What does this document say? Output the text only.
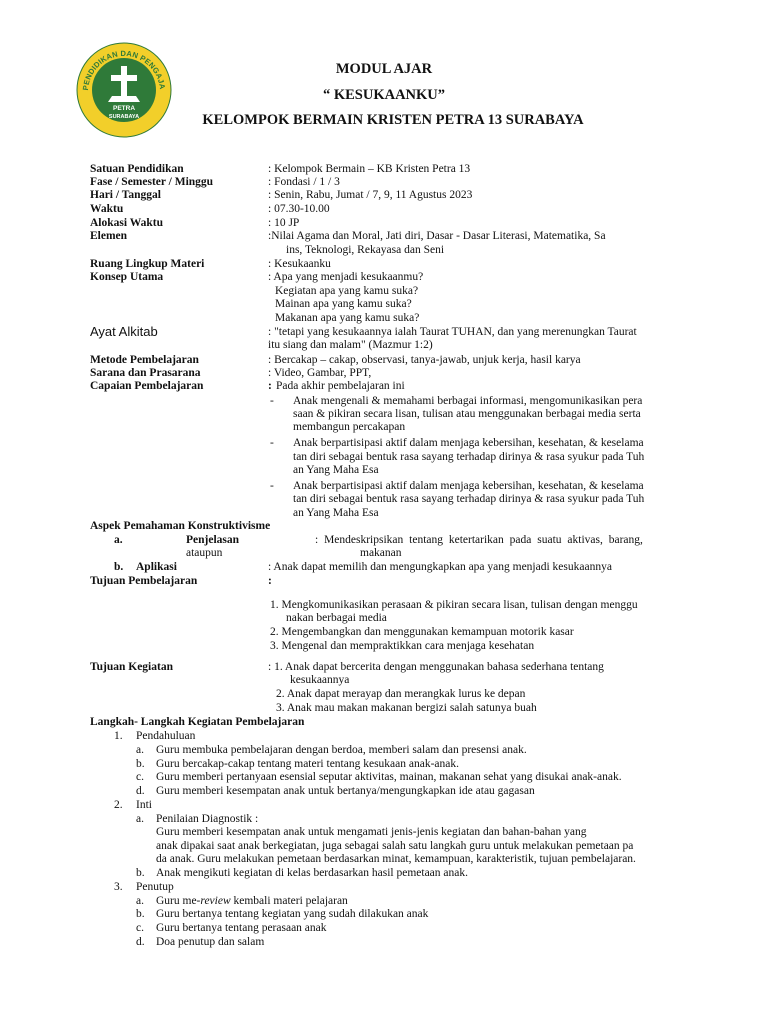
PENDIDIKAN DAN PENGAJA
PETRA
SURABAYA
MODUL AJAR
“ KESUKAANKU”
KELOMPOK BERMAIN KRISTEN PETRA 13 SURABAYA
Satuan Pendidikan	: Kelompok Bermain – KB Kristen Petra 13
Fase / Semester / Minggu	: Fondasi / 1 / 3
Hari / Tanggal	: Senin, Rabu, Jumat / 7, 9, 11 Agustus 2023
Waktu	: 07.30-10.00
Alokasi Waktu	: 10 JP
Elemen	:Nilai Agama dan Moral, Jati diri, Dasar - Dasar Literasi, Matematika, Sa
ins, Teknologi, Rekayasa dan Seni
Ruang Lingkup Materi	: Kesukaanku
Konsep Utama	: Apa yang menjadi kesukaanmu?
Kegiatan apa yang kamu suka?
Mainan apa yang kamu suka?
Makanan apa yang kamu suka?
Ayat Alkitab	: "tetapi yang kesukaannya ialah Taurat TUHAN, dan yang merenungkan Taurat
itu siang dan malam" (Mazmur 1:2)
Metode Pembelajaran	: Bercakap – cakap, observasi, tanya-jawab, unjuk kerja, hasil karya
Sarana dan Prasarana	: Video, Gambar, PPT,
Capaian Pembelajaran	: Pada akhir pembelajaran ini
- Anak mengenali & memahami berbagai informasi, mengomunikasikan pera
saan & pikiran secara lisan, tulisan atau menggunakan berbagai media serta
membangun percakapan
- Anak berpartisipasi aktif dalam menjaga kebersihan, kesehatan, & keselama
tan diri sebagai bentuk rasa sayang terhadap dirinya & rasa syukur pada Tuh
an Yang Maha Esa
- Anak berpartisipasi aktif dalam menjaga kebersihan, kesehatan, & keselama
tan diri sebagai bentuk rasa sayang terhadap dirinya & rasa syukur pada Tuh
an Yang Maha Esa
Aspek Pemahaman Konstruktivisme
a.	Penjelasan	: Mendeskripsikan tentang ketertarikan pada suatu aktivas, barang,
ataupun	makanan
b. Aplikasi	: Anak dapat memilih dan mengungkapkan apa yang menjadi kesukaannya
Tujuan Pembelajaran	:
1. Mengkomunikasikan perasaan & pikiran secara lisan, tulisan dengan menggu
nakan berbagai media
2. Mengembangkan dan menggunakan kemampuan motorik kasar
3. Mengenal dan mempraktikkan cara menjaga kesehatan
Tujuan Kegiatan	: 1. Anak dapat bercerita dengan menggunakan bahasa sederhana tentang
kesukaannya
2. Anak dapat merayap dan merangkak lurus ke depan
3. Anak mau makan makanan bergizi salah satunya buah
Langkah- Langkah Kegiatan Pembelajaran
1. Pendahuluan
a. Guru membuka pembelajaran dengan berdoa, memberi salam dan presensi anak.
b. Guru bercakap-cakap tentang materi tentang kesukaan anak-anak.
c. Guru memberi pertanyaan esensial seputar aktivitas, mainan, makanan sehat yang disukai anak-anak.
d. Guru memberi kesempatan anak untuk bertanya/mengungkapkan ide atau gagasan
2. Inti
a. Penilaian Diagnostik :
Guru memberi kesempatan anak untuk mengamati jenis-jenis kegiatan dan bahan-bahan yang
anak dipakai saat anak berkegiatan, juga sebagai salah satu langkah guru untuk melakukan pemetaan pa
da anak. Guru melakukan pemetaan berdasarkan minat, kemampuan, karakteristik, tujuan pembelajaran.
b. Anak mengikuti kegiatan di kelas berdasarkan hasil pemetaan anak.
3. Penutup
a. Guru me-review kembali materi pelajaran
b. Guru bertanya tentang kegiatan yang sudah dilakukan anak
c. Guru bertanya tentang perasaan anak
d. Doa penutup dan salam
